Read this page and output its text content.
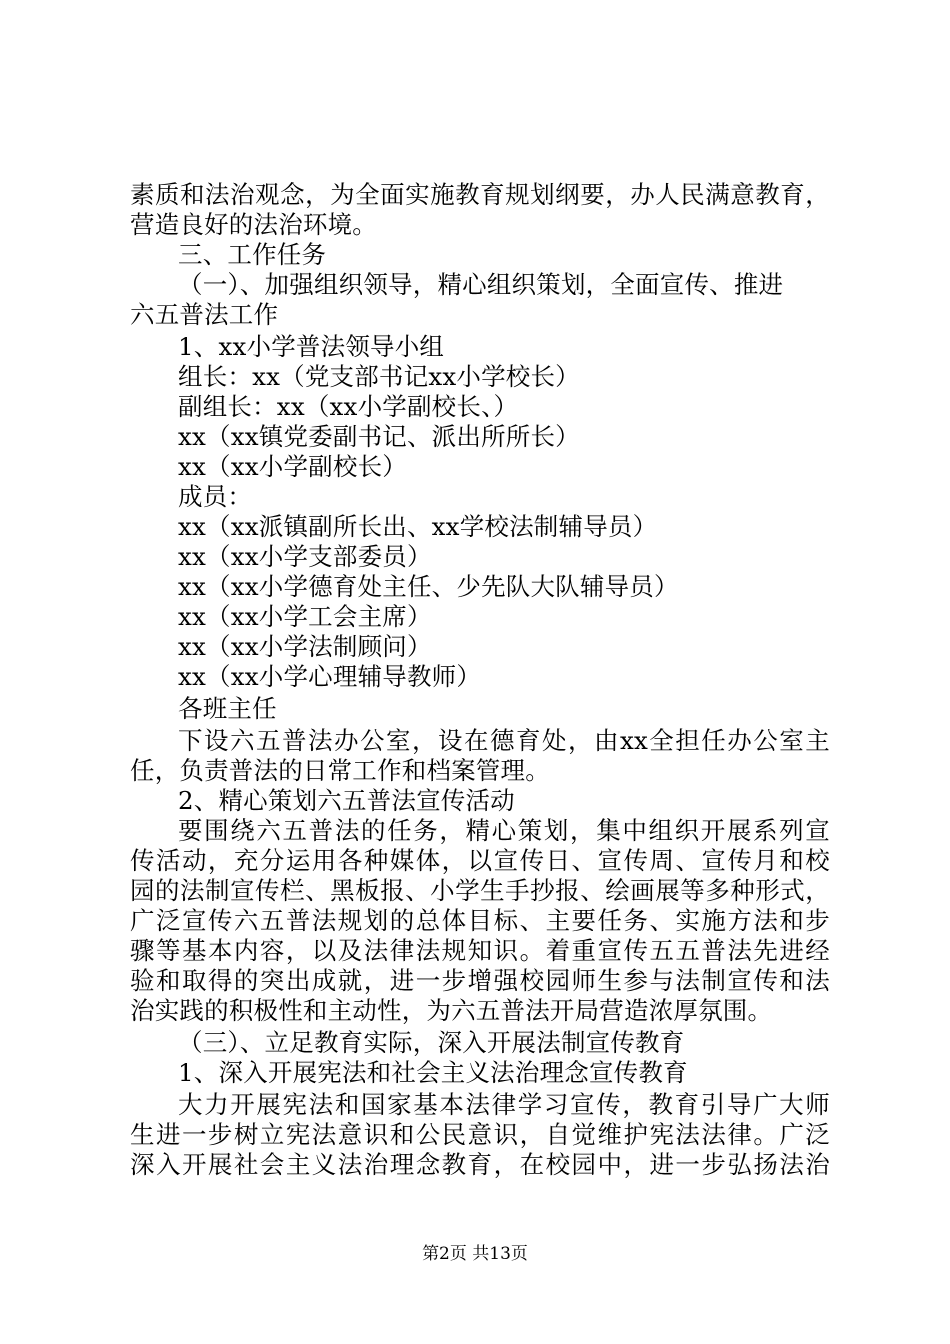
素质和法治观念，为全面实施教育规划纲要，办人民满意教育，
营造良好的法治环境。
三、工作任务
（一）、加强组织领导，精心组织策划，全面宣传、推进
六五普法工作
1、xx小学普法领导小组
组长：xx（党支部书记xx小学校长）
副组长：xx（xx小学副校长、）
xx（xx镇党委副书记、派出所所长）
xx（xx小学副校长）
成员：
xx（xx派镇副所长出、xx学校法制辅导员）
xx（xx小学支部委员）
xx（xx小学德育处主任、少先队大队辅导员）
xx（xx小学工会主席）
xx（xx小学法制顾问）
xx（xx小学心理辅导教师）
各班主任
下设六五普法办公室，设在德育处，由xx全担任办公室主
任，负责普法的日常工作和档案管理。
2、精心策划六五普法宣传活动
要围绕六五普法的任务，精心策划，集中组织开展系列宣
传活动，充分运用各种媒体，以宣传日、宣传周、宣传月和校
园的法制宣传栏、黑板报、小学生手抄报、绘画展等多种形式，
广泛宣传六五普法规划的总体目标、主要任务、实施方法和步
骤等基本内容，以及法律法规知识。着重宣传五五普法先进经
验和取得的突出成就，进一步增强校园师生参与法制宣传和法
治实践的积极性和主动性，为六五普法开局营造浓厚氛围。
（三）、立足教育实际，深入开展法制宣传教育
1、深入开展宪法和社会主义法治理念宣传教育
大力开展宪法和国家基本法律学习宣传，教育引导广大师
生进一步树立宪法意识和公民意识，自觉维护宪法法律。广泛
深入开展社会主义法治理念教育，在校园中，进一步弘扬法治
第2页 共13页
